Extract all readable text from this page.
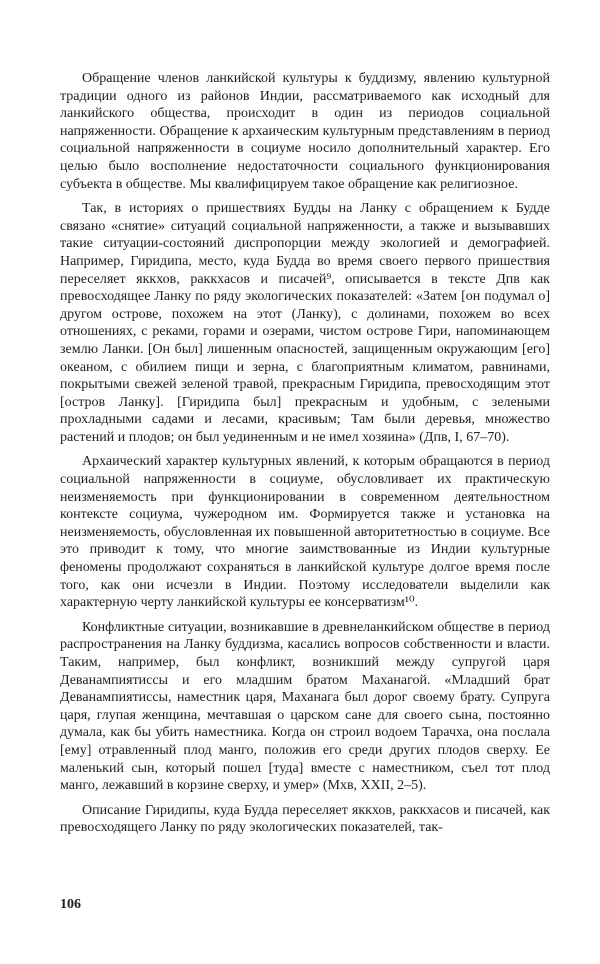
Обращение членов ланкийской культуры к буддизму, явлению культурной традиции одного из районов Индии, рассматриваемого как исходный для ланкийского общества, происходит в один из периодов социальной напряженности. Обращение к архаическим культурным представлениям в период социальной напряженности в социуме носило дополнительный характер. Его целью было восполнение недостаточности социального функционирования субъекта в обществе. Мы квалифицируем такое обращение как религиозное.

Так, в историях о пришествиях Будды на Ланку с обращением к Будде связано «снятие» ситуаций социальной напряженности, а также и вызывавших такие ситуации-состояний диспропорции между экологией и демографией. Например, Гиридипа, место, куда Будда во время своего первого пришествия переселяет яккхов, раккхасов и писачей⁹, описывается в тексте Дпв как превосходящее Ланку по ряду экологических показателей: «Затем [он подумал о] другом острове, похожем на этот (Ланку), с долинами, похожем во всех отношениях, с реками, горами и озерами, чистом острове Гири, напоминающем землю Ланки. [Он был] лишенным опасностей, защищенным окружающим [его] океаном, с обилием пищи и зерна, с благоприятным климатом, равнинами, покрытыми свежей зеленой травой, прекрасным Гиридипа, превосходящим этот [остров Ланку]. [Гиридипа был] прекрасным и удобным, с зелеными прохладными садами и лесами, красивым; Там были деревья, множество растений и плодов; он был уединенным и не имел хозяина» (Дпв, I, 67–70).

Архаический характер культурных явлений, к которым обращаются в период социальной напряженности в социуме, обусловливает их практическую неизменяемость при функционировании в современном деятельностном контексте социума, чужеродном им. Формируется также и установка на неизменяемость, обусловленная их повышенной авторитетностью в социуме. Все это приводит к тому, что многие заимствованные из Индии культурные феномены продолжают сохраняться в ланкийской культуре долгое время после того, как они исчезли в Индии. Поэтому исследователи выделили как характерную черту ланкийской культуры ее консерватизм¹⁰.

Конфликтные ситуации, возникавшие в древнеланкийском обществе в период распространения на Ланку буддизма, касались вопросов собственности и власти. Таким, например, был конфликт, возникший между супругой царя Деванампиятиссы и его младшим братом Маханагой. «Младший брат Деванампиятиссы, наместник царя, Маханага был дорог своему брату. Супруга царя, глупая женщина, мечтавшая о царском сане для своего сына, постоянно думала, как бы убить наместника. Когда он строил водоем Тарачха, она послала [ему] отравленный плод манго, положив его среди других плодов сверху. Ее маленький сын, который пошел [туда] вместе с наместником, съел тот плод манго, лежавший в корзине сверху, и умер» (Мхв, XXII, 2–5).

Описание Гиридипы, куда Будда переселяет яккхов, раккхасов и писачей, как превосходящего Ланку по ряду экологических показателей, так-

106
